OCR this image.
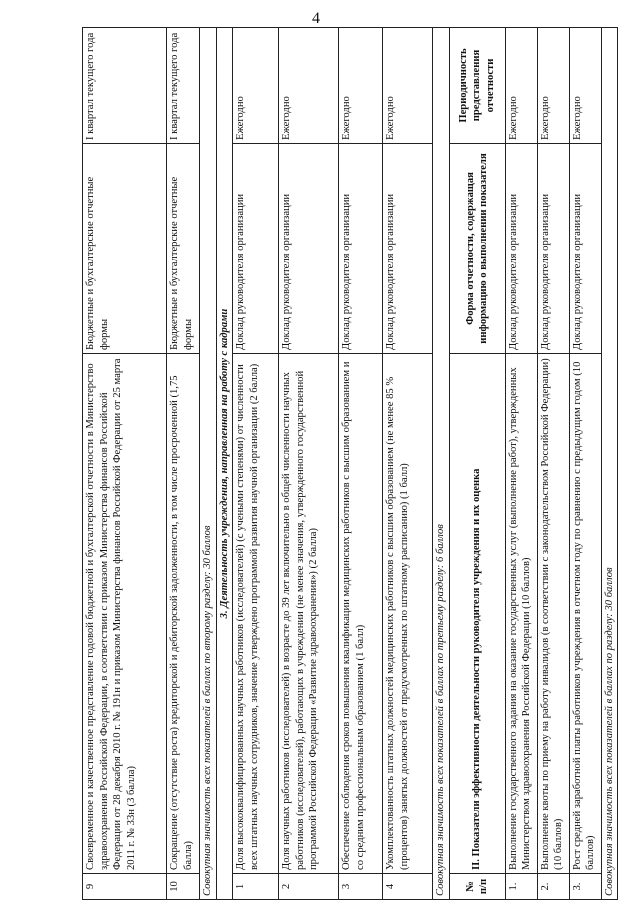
4
9	Своевременное и качественное представление годовой бюджетной и бухгалтерской отчетности в Министерство здравоохранения Российской Федерации, в соответствии с приказом Министерства финансов Российской Федерации от 28 декабря 2010 г. № 191н и приказом Министерства финансов Российской Федерации от 25 марта 2011 г. № 33н (3 балла)	Бюджетные и бухгалтерские отчетные формы	I квартал текущего года
10	Сокращение (отсутствие роста) кредиторской и дебиторской задолженности, в том числе просроченной (1,75 балла)	Бюджетные и бухгалтерские отчетные формы	I квартал текущего года
Совокупная значимость всех показателей в баллах по второму разделу: 30 баллов			
3. Деятельность учреждения, направленная на работу с кадрами			
1	Доля высококвалифицированных научных работников (исследователей) (с учеными степенями) от численности всех штатных научных сотрудников, значение утверждено программой развития научной организации (2 балла)	Доклад руководителя организации	Ежегодно
2	Доля научных работников (исследователей) в возрасте до 39 лет включительно в общей численности научных работников (исследователей), работающих в учреждении (не менее значения, утвержденного государственной программой Российской Федерации «Развитие здравоохранения») (2 балла)	Доклад руководителя организации	Ежегодно
3	Обеспечение соблюдения сроков повышения квалификации медицинских работников с высшим образованием и со средним профессиональным образованием (1 балл)	Доклад руководителя организации	Ежегодно
4	Укомплектованность штатных должностей медицинских работников с высшим образованием (не менее 85 % (процентов) занятых должностей от предусмотренных по штатному расписанию) (1 балл)	Доклад руководителя организации	Ежегодно
Совокупная значимость всех показателей в баллах по третьему разделу: 6 баллов			
№ п/п	II. Показатели эффективности деятельности руководителя учреждения и их оценка	Форма отчетности, содержащая информацию о выполнении показателя	Периодичность представления отчетности
1.	Выполнение государственного задания на оказание государственных услуг (выполнение работ), утвержденных Министерством здравоохранения Российской Федерации (10 баллов)	Доклад руководителя организации	Ежегодно
2.	Выполнение квоты по приему на работу инвалидов (в соответствии с законодательством Российской Федерации) (10 баллов)	Доклад руководителя организации	Ежегодно
3.	Рост средней заработной платы работников учреждения в отчетном году по сравнению с предыдущим годом (10 баллов)	Доклад руководителя организации	Ежегодно
Совокупная значимость всех показателей в баллах по разделу: 30 баллов			
